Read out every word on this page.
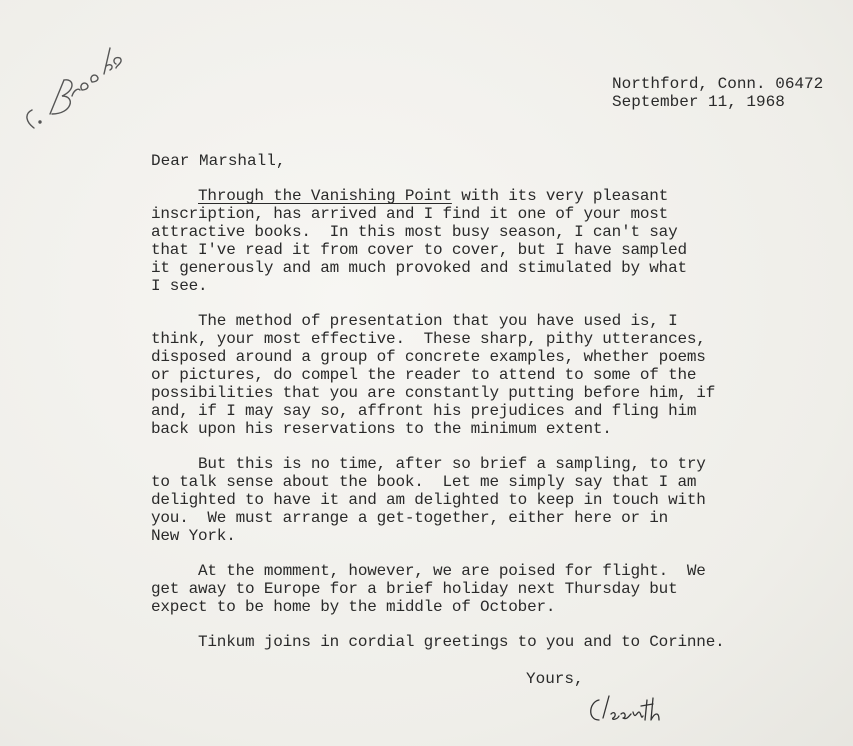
Northford, Conn. 06472
September 11, 1968
Dear Marshall,
Through the Vanishing Point with its very pleasant
inscription, has arrived and I find it one of your most
attractive books.  In this most busy season, I can't say
that I've read it from cover to cover, but I have sampled
it generously and am much provoked and stimulated by what
I see.
The method of presentation that you have used is, I
think, your most effective.  These sharp, pithy utterances,
disposed around a group of concrete examples, whether poems
or pictures, do compel the reader to attend to some of the
possibilities that you are constantly putting before him, if
and, if I may say so, affront his prejudices and fling him
back upon his reservations to the minimum extent.
But this is no time, after so brief a sampling, to try
to talk sense about the book.  Let me simply say that I am
delighted to have it and am delighted to keep in touch with
you.  We must arrange a get-together, either here or in
New York.
At the momment, however, we are poised for flight.  We
get away to Europe for a brief holiday next Thursday but
expect to be home by the middle of October.
Tinkum joins in cordial greetings to you and to Corinne.
Yours,
